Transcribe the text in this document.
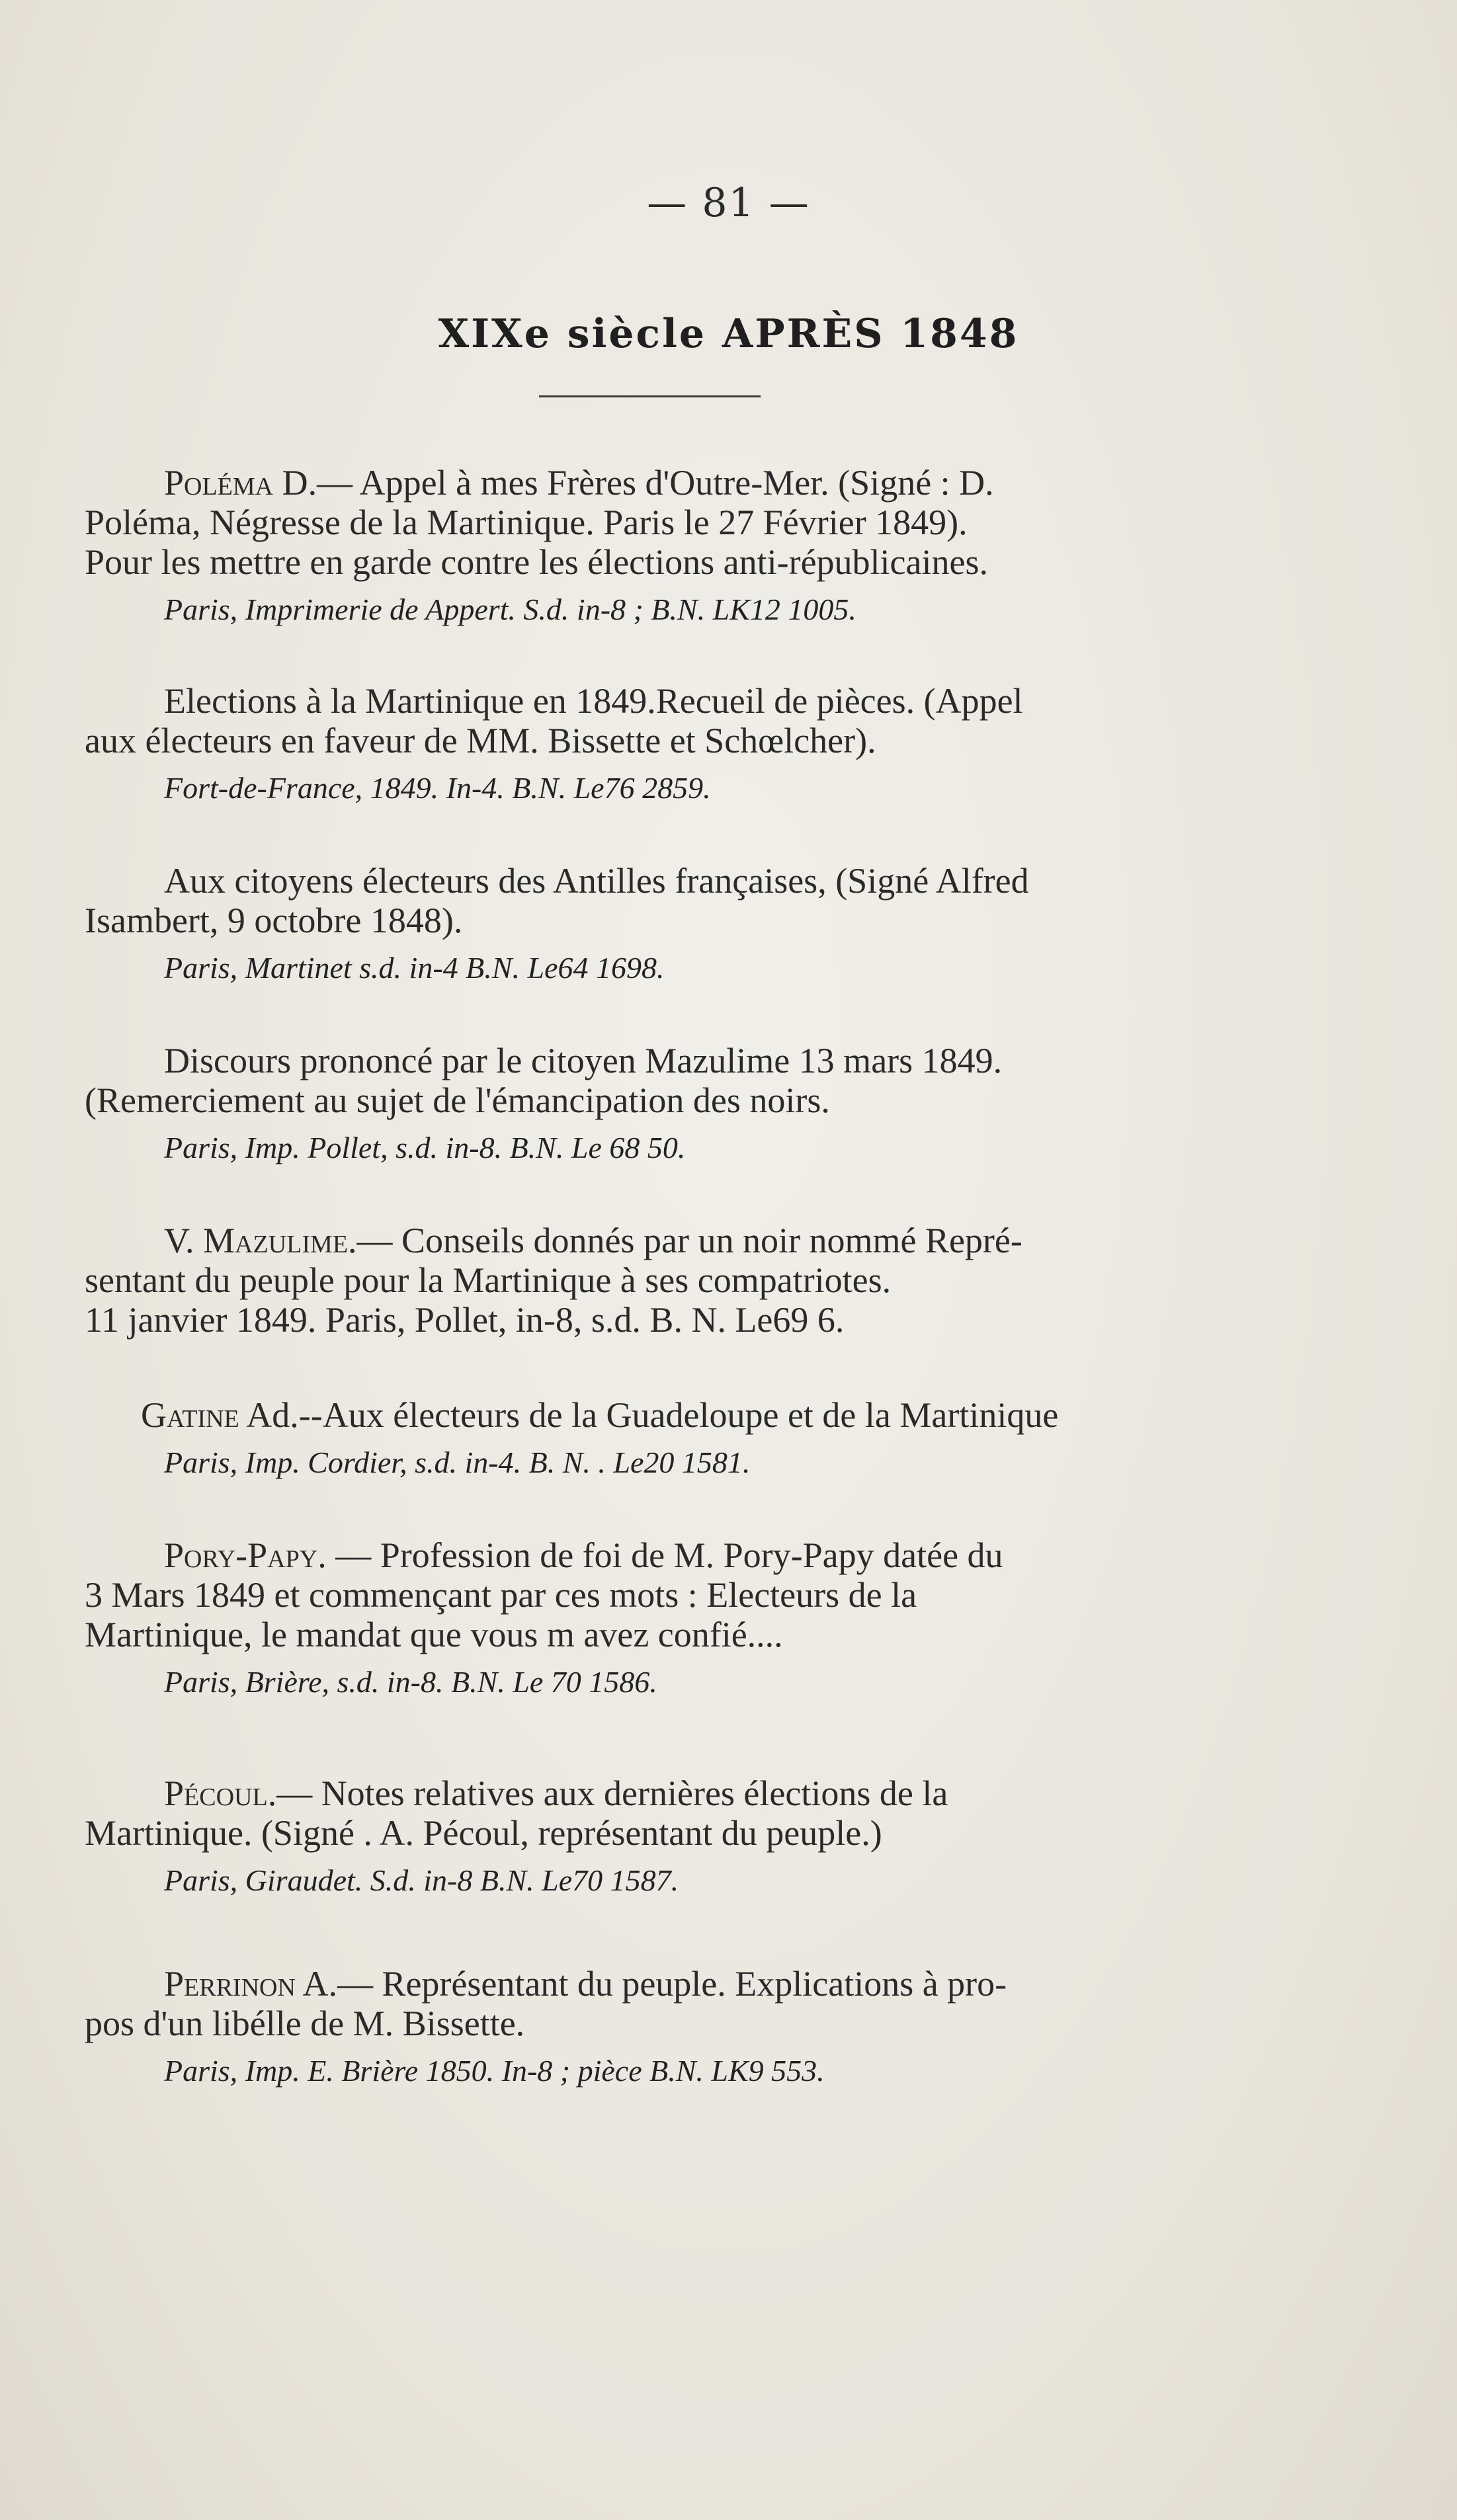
— 81 —
XIXe siècle APRÈS 1848
Poléma D.— Appel à mes Frères d'Outre-Mer. (Signé : D.
Poléma, Négresse de la Martinique. Paris le 27 Février 1849).
Pour les mettre en garde contre les élections anti-républicaines.
Paris, Imprimerie de Appert. S.d. in-8 ; B.N. LK12 1005.
Elections à la Martinique en 1849.Recueil de pièces. (Appel
aux électeurs en faveur de MM. Bissette et Schœlcher).
Fort-de-France, 1849. In-4. B.N. Le76 2859.
Aux citoyens électeurs des Antilles françaises, (Signé Alfred
Isambert, 9 octobre 1848).
Paris, Martinet s.d. in-4 B.N. Le64 1698.
Discours prononcé par le citoyen Mazulime 13 mars 1849.
(Remerciement au sujet de l'émancipation des noirs.
Paris, Imp. Pollet, s.d. in-8. B.N. Le 68 50.
V. Mazulime.— Conseils donnés par un noir nommé Repré-
sentant du peuple pour la Martinique à ses compatriotes.
11 janvier 1849. Paris, Pollet, in-8, s.d. B. N. Le69 6.
Gatine Ad.--Aux électeurs de la Guadeloupe et de la Martinique
Paris, Imp. Cordier, s.d. in-4. B. N. . Le20 1581.
Pory-Papy. — Profession de foi de M. Pory-Papy datée du
3 Mars 1849 et commençant par ces mots : Electeurs de la
Martinique, le mandat que vous m avez confié....
Paris, Brière, s.d. in-8. B.N. Le 70 1586.
Pécoul.— Notes relatives aux dernières élections de la
Martinique. (Signé . A. Pécoul, représentant du peuple.)
Paris, Giraudet. S.d. in-8 B.N. Le70 1587.
Perrinon A.— Représentant du peuple. Explications à pro-
pos d'un libélle de M. Bissette.
Paris, Imp. E. Brière 1850. In-8 ; pièce B.N. LK9 553.
